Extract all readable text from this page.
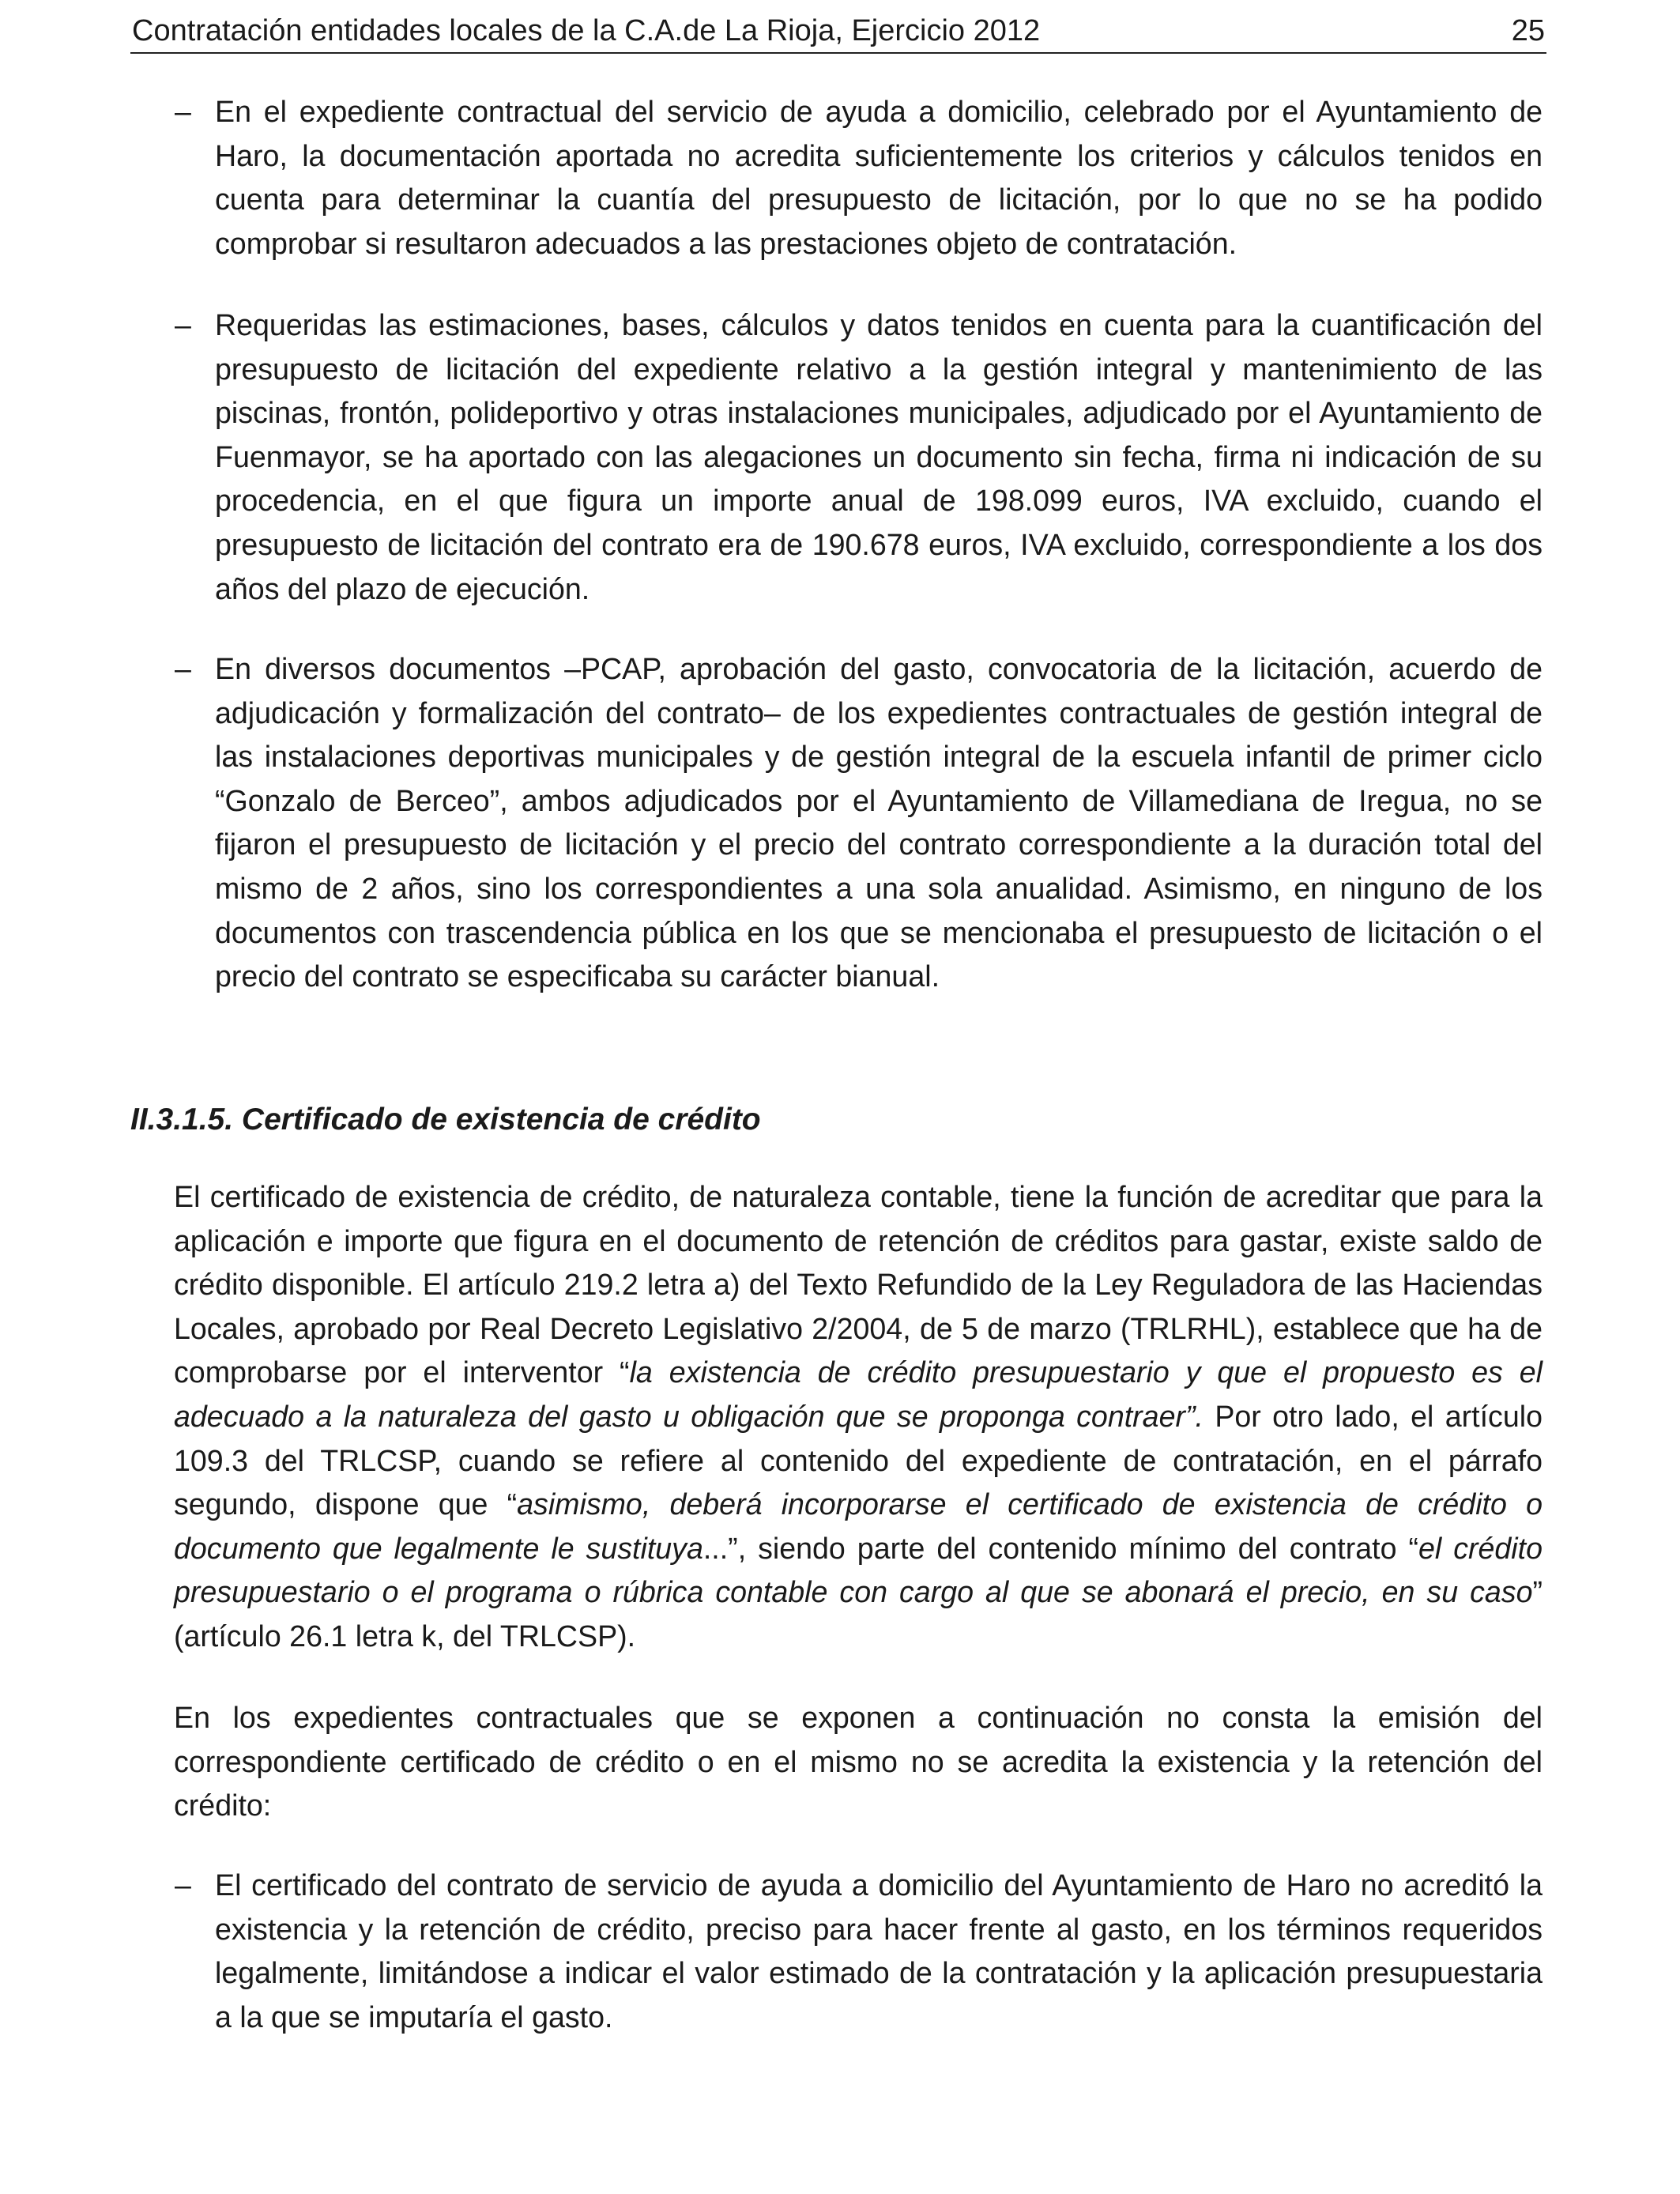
Contratación entidades locales de la C.A.de La Rioja, Ejercicio 2012	25
– En el expediente contractual del servicio de ayuda a domicilio, celebrado por el Ayuntamiento de Haro, la documentación aportada no acredita suficientemente los criterios y cálculos tenidos en cuenta para determinar la cuantía del presupuesto de licitación, por lo que no se ha podido comprobar si resultaron adecuados a las prestaciones objeto de contratación.
– Requeridas las estimaciones, bases, cálculos y datos tenidos en cuenta para la cuantificación del presupuesto de licitación del expediente relativo a la gestión integral y mantenimiento de las piscinas, frontón, polideportivo y otras instalaciones municipales, adjudicado por el Ayuntamiento de Fuenmayor, se ha aportado con las alegaciones un documento sin fecha, firma ni indicación de su procedencia, en el que figura un importe anual de 198.099 euros, IVA excluido, cuando el presupuesto de licitación del contrato era de 190.678 euros, IVA excluido, correspondiente a los dos años del plazo de ejecución.
– En diversos documentos –PCAP, aprobación del gasto, convocatoria de la licitación, acuerdo de adjudicación y formalización del contrato– de los expedientes contractuales de gestión integral de las instalaciones deportivas municipales y de gestión integral de la escuela infantil de primer ciclo “Gonzalo de Berceo”, ambos adjudicados por el Ayuntamiento de Villamediana de Iregua, no se fijaron el presupuesto de licitación y el precio del contrato correspondiente a la duración total del mismo de 2 años, sino los correspondientes a una sola anualidad. Asimismo, en ninguno de los documentos con trascendencia pública en los que se mencionaba el presupuesto de licitación o el precio del contrato se especificaba su carácter bianual.
II.3.1.5. Certificado de existencia de crédito
El certificado de existencia de crédito, de naturaleza contable, tiene la función de acreditar que para la aplicación e importe que figura en el documento de retención de créditos para gastar, existe saldo de crédito disponible. El artículo 219.2 letra a) del Texto Refundido de la Ley Reguladora de las Haciendas Locales, aprobado por Real Decreto Legislativo 2/2004, de 5 de marzo (TRLRHL), establece que ha de comprobarse por el interventor “la existencia de crédito presupuestario y que el propuesto es el adecuado a la naturaleza del gasto u obligación que se proponga contraer”. Por otro lado, el artículo 109.3 del TRLCSP, cuando se refiere al contenido del expediente de contratación, en el párrafo segundo, dispone que “asimismo, deberá incorporarse el certificado de existencia de crédito o documento que legalmente le sustituya...”, siendo parte del contenido mínimo del contrato “el crédito presupuestario o el programa o rúbrica contable con cargo al que se abonará el precio, en su caso” (artículo 26.1 letra k, del TRLCSP).
En los expedientes contractuales que se exponen a continuación no consta la emisión del correspondiente certificado de crédito o en el mismo no se acredita la existencia y la retención del crédito:
– El certificado del contrato de servicio de ayuda a domicilio del Ayuntamiento de Haro no acreditó la existencia y la retención de crédito, preciso para hacer frente al gasto, en los términos requeridos legalmente, limitándose a indicar el valor estimado de la contratación y la aplicación presupuestaria a la que se imputaría el gasto.
